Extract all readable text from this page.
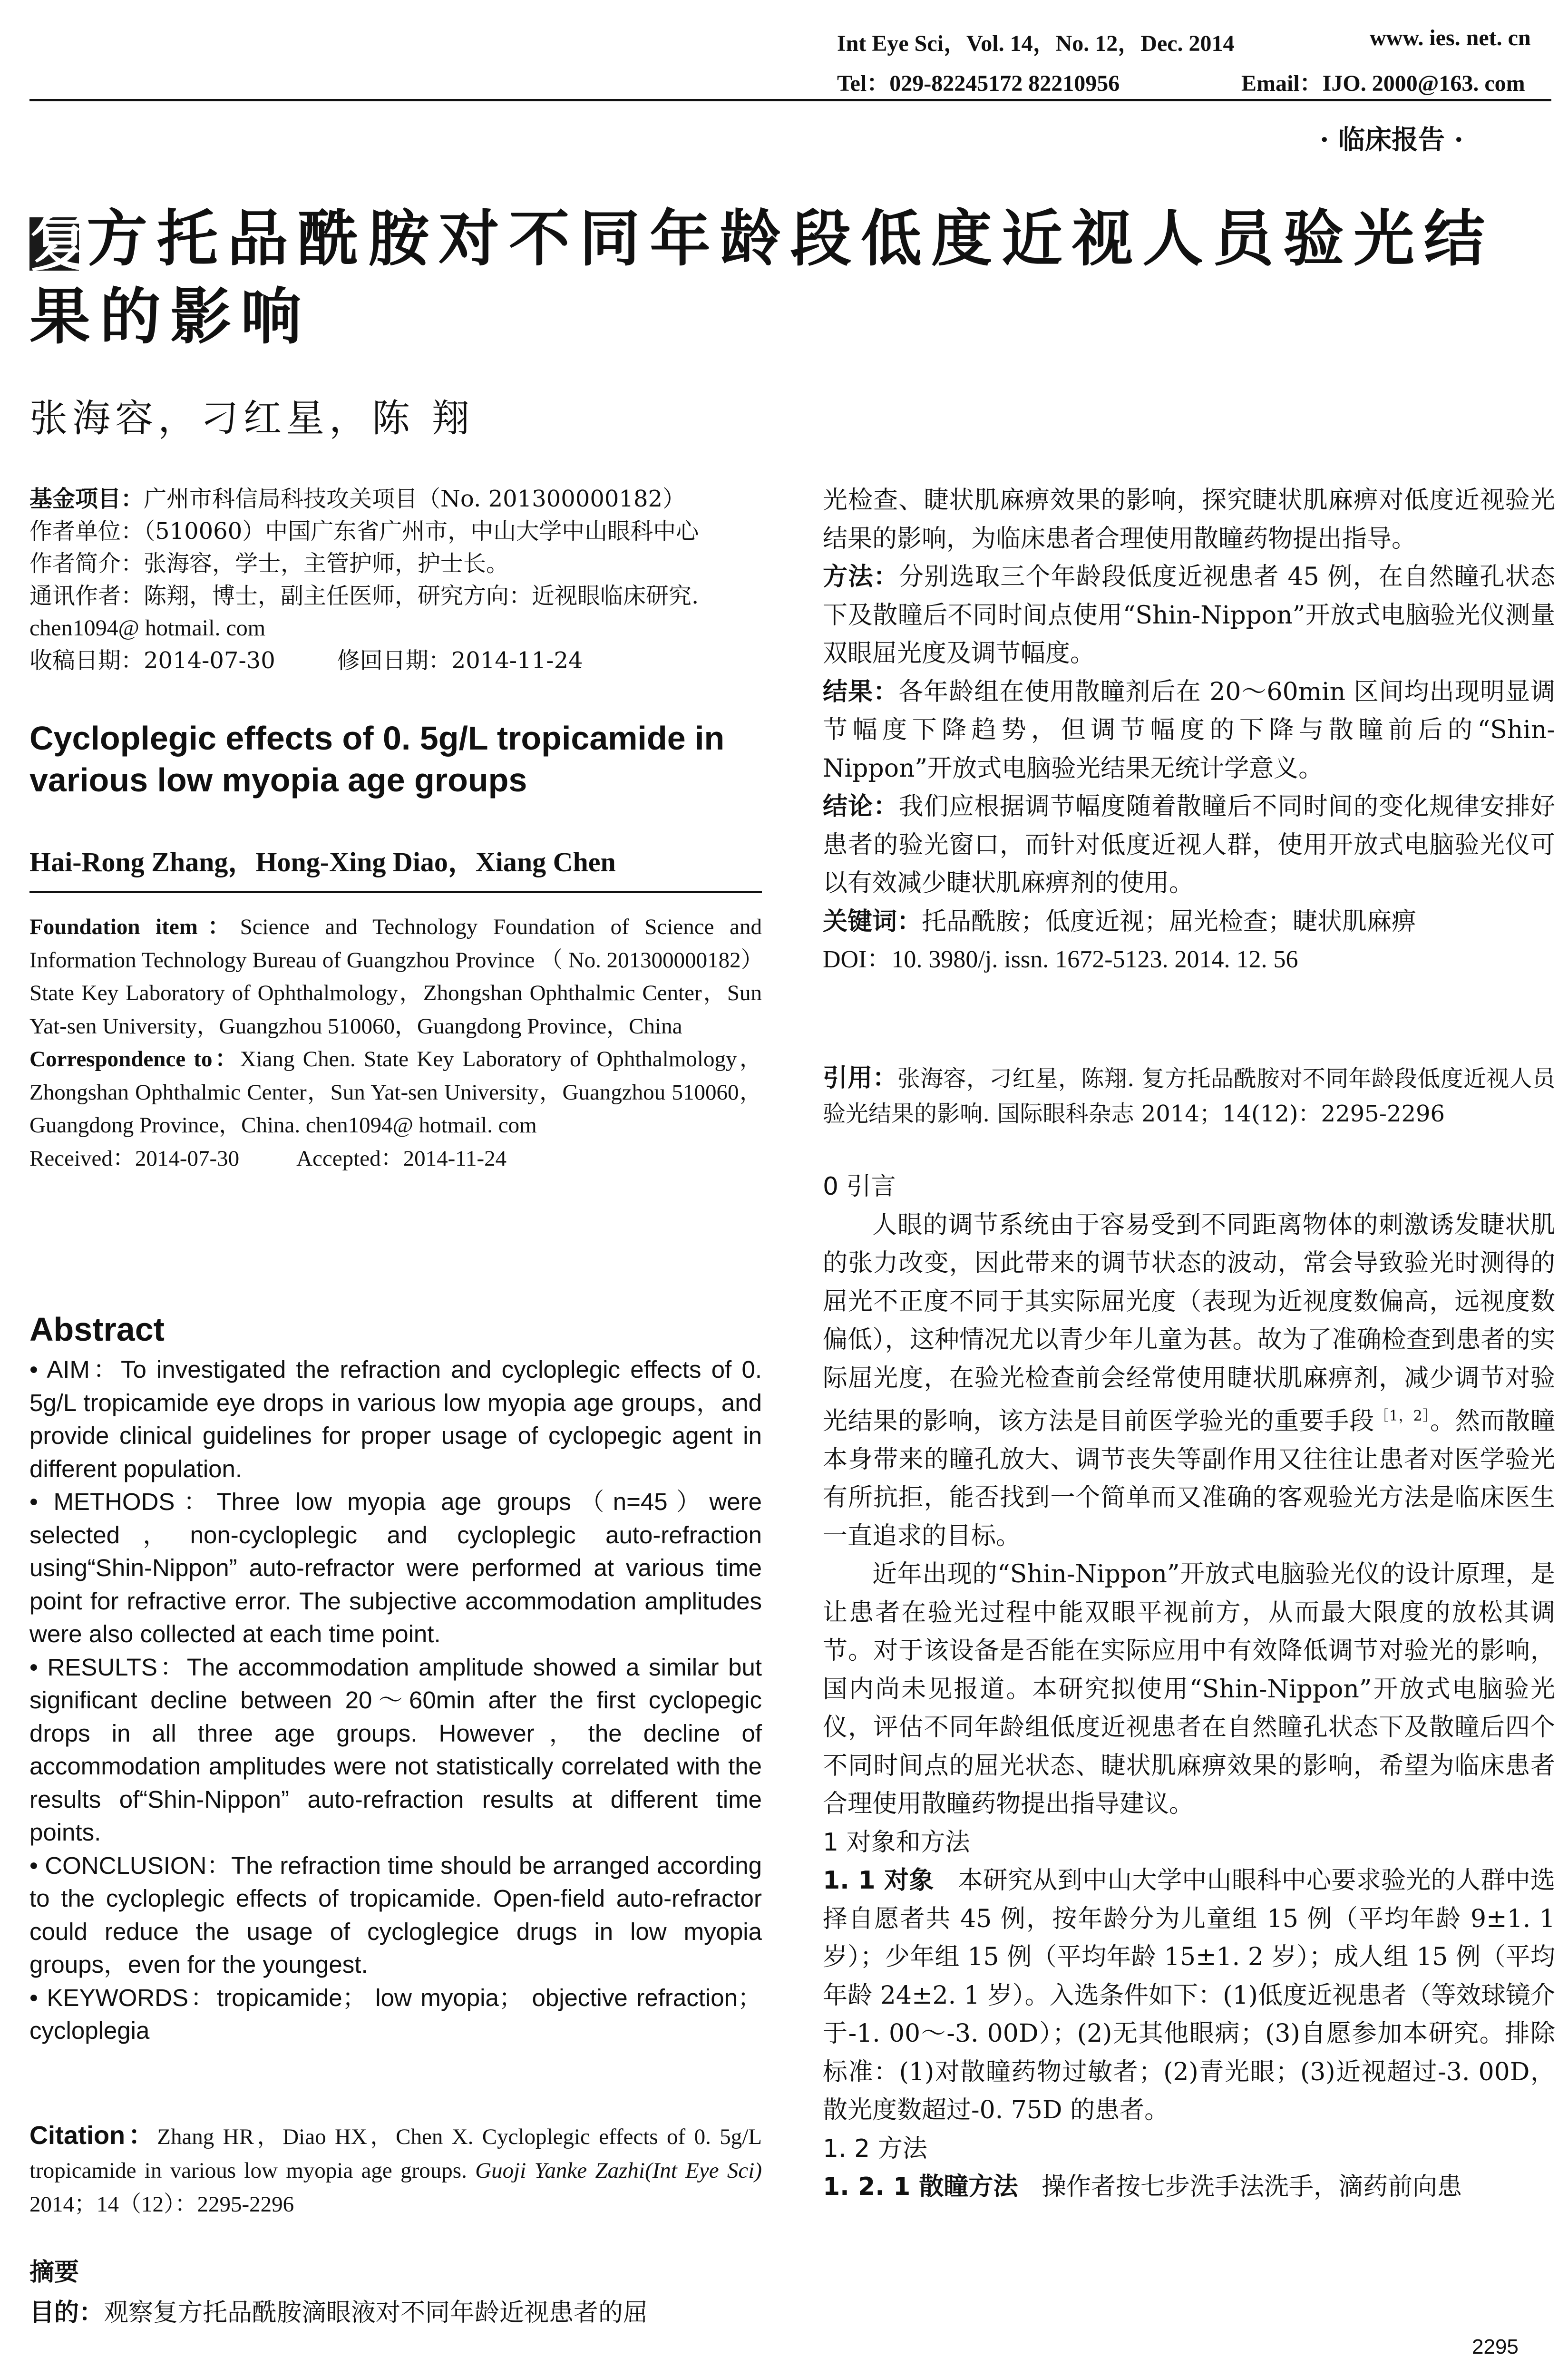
Int Eye Sci，Vol. 14，No. 12，Dec. 2014	www. ies. net. cn
Tel：029-82245172 82210956	Email：IJO. 2000@163. com
· 临床报告 ·
复方托品酰胺对不同年龄段低度近视人员验光结果的影响
张海容，刁红星，陈 翔

基金项目：广州市科信局科技攻关项目（No. 201300000182）

作者单位：（510060）中国广东省广州市，中山大学中山眼科中心

作者简介：张海容，学士，主管护师，护士长。

通讯作者：陈翔，博士，副主任医师，研究方向：近视眼临床研究.

chen1094@ hotmail. com

收稿日期：2014-07-30	修回日期：2014-11-24

Cycloplegic effects of 0. 5g/L tropicamide in various low myopia age groups
Hai-Rong Zhang，Hong-Xing Diao，Xiang Chen

Foundation item：Science and Technology Foundation of Science and Information Technology Bureau of Guangzhou Province （ No. 201300000182）

State Key Laboratory of Ophthalmology，Zhongshan Ophthalmic Center，Sun Yat-sen University，Guangzhou 510060，Guangdong Province，China

Correspondence to：Xiang Chen. State Key Laboratory of Ophthalmology，Zhongshan Ophthalmic Center，Sun Yat-sen University，Guangzhou 510060，Guangdong Province，China. chen1094@ hotmail. com

Received：2014-07-30	Accepted：2014-11-24

Abstract

• AIM：To investigated the refraction and cycloplegic effects of 0. 5g/L tropicamide eye drops in various low myopia age groups，and provide clinical guidelines for proper usage of cyclopegic agent in different population.

• METHODS：Three low myopia age groups（n=45）were selected，non-cycloplegic and cycloplegic auto-refraction using“Shin-Nippon” auto-refractor were performed at various time point for refractive error. The subjective accommodation amplitudes were also collected at each time point.

• RESULTS：The accommodation amplitude showed a similar but significant decline between 20～60min after the first cyclopegic drops in all three age groups. However，the decline of accommodation amplitudes were not statistically correlated with the results of“Shin-Nippon” auto-refraction results at different time points.

• CONCLUSION：The refraction time should be arranged according to the cycloplegic effects of tropicamide. Open-field auto-refractor could reduce the usage of cycloglegice drugs in low myopia groups，even for the youngest.

• KEYWORDS：tropicamide； low myopia； objective refraction；cycloplegia

Citation：Zhang HR，Diao HX，Chen X. Cycloplegic effects of 0. 5g/L tropicamide in various low myopia age groups. Guoji Yanke Zazhi(Int Eye Sci) 2014；14（12）：2295-2296
摘要
目的：观察复方托品酰胺滴眼液对不同年龄近视患者的屈

光检查、睫状肌麻痹效果的影响，探究睫状肌麻痹对低度近视验光结果的影响，为临床患者合理使用散瞳药物提出指导。

方法：分别选取三个年龄段低度近视患者 45 例，在自然瞳孔状态下及散瞳后不同时间点使用“Shin-Nippon”开放式电脑验光仪测量双眼屈光度及调节幅度。

结果：各年龄组在使用散瞳剂后在 20～60min 区间均出现明显调节幅度下降趋势，但调节幅度的下降与散瞳前后的“Shin-Nippon”开放式电脑验光结果无统计学意义。

结论：我们应根据调节幅度随着散瞳后不同时间的变化规律安排好患者的验光窗口，而针对低度近视人群，使用开放式电脑验光仪可以有效减少睫状肌麻痹剂的使用。

关键词：托品酰胺；低度近视；屈光检查；睫状肌麻痹

DOI：10. 3980/j. issn. 1672-5123. 2014. 12. 56

引用：张海容，刁红星，陈翔. 复方托品酰胺对不同年龄段低度近视人员验光结果的影响. 国际眼科杂志 2014；14(12)：2295-2296

0 引言

人眼的调节系统由于容易受到不同距离物体的刺激诱发睫状肌的张力改变，因此带来的调节状态的波动，常会导致验光时测得的屈光不正度不同于其实际屈光度（表现为近视度数偏高，远视度数偏低），这种情况尤以青少年儿童为甚。故为了准确检查到患者的实际屈光度，在验光检查前会经常使用睫状肌麻痹剂，减少调节对验光结果的影响，该方法是目前医学验光的重要手段$^{[1,2]}$。然而散瞳本身带来的瞳孔放大、调节丧失等副作用又往往让患者对医学验光有所抗拒，能否找到一个简单而又准确的客观验光方法是临床医生一直追求的目标。

近年出现的“Shin-Nippon”开放式电脑验光仪的设计原理，是让患者在验光过程中能双眼平视前方，从而最大限度的放松其调节。对于该设备是否能在实际应用中有效降低调节对验光的影响，国内尚未见报道。本研究拟使用“Shin-Nippon”开放式电脑验光仪，评估不同年龄组低度近视患者在自然瞳孔状态下及散瞳后四个不同时间点的屈光状态、睫状肌麻痹效果的影响，希望为临床患者合理使用散瞳药物提出指导建议。

1 对象和方法

1. 1 对象 本研究从到中山大学中山眼科中心要求验光的人群中选择自愿者共 45 例，按年龄分为儿童组 15 例（平均年龄 9±1. 1 岁）；少年组 15 例（平均年龄 15±1. 2 岁）；成人组 15 例（平均年龄 24±2. 1 岁）。入选条件如下：(1)低度近视患者（等效球镜介于-1. 00～-3. 00D）；(2)无其他眼病；(3)自愿参加本研究。排除标准：(1)对散瞳药物过敏者；(2)青光眼；(3)近视超过-3. 00D，散光度数超过-0. 75D 的患者。

1. 2 方法

1. 2. 1 散瞳方法 操作者按七步洗手法洗手，滴药前向患

2295
